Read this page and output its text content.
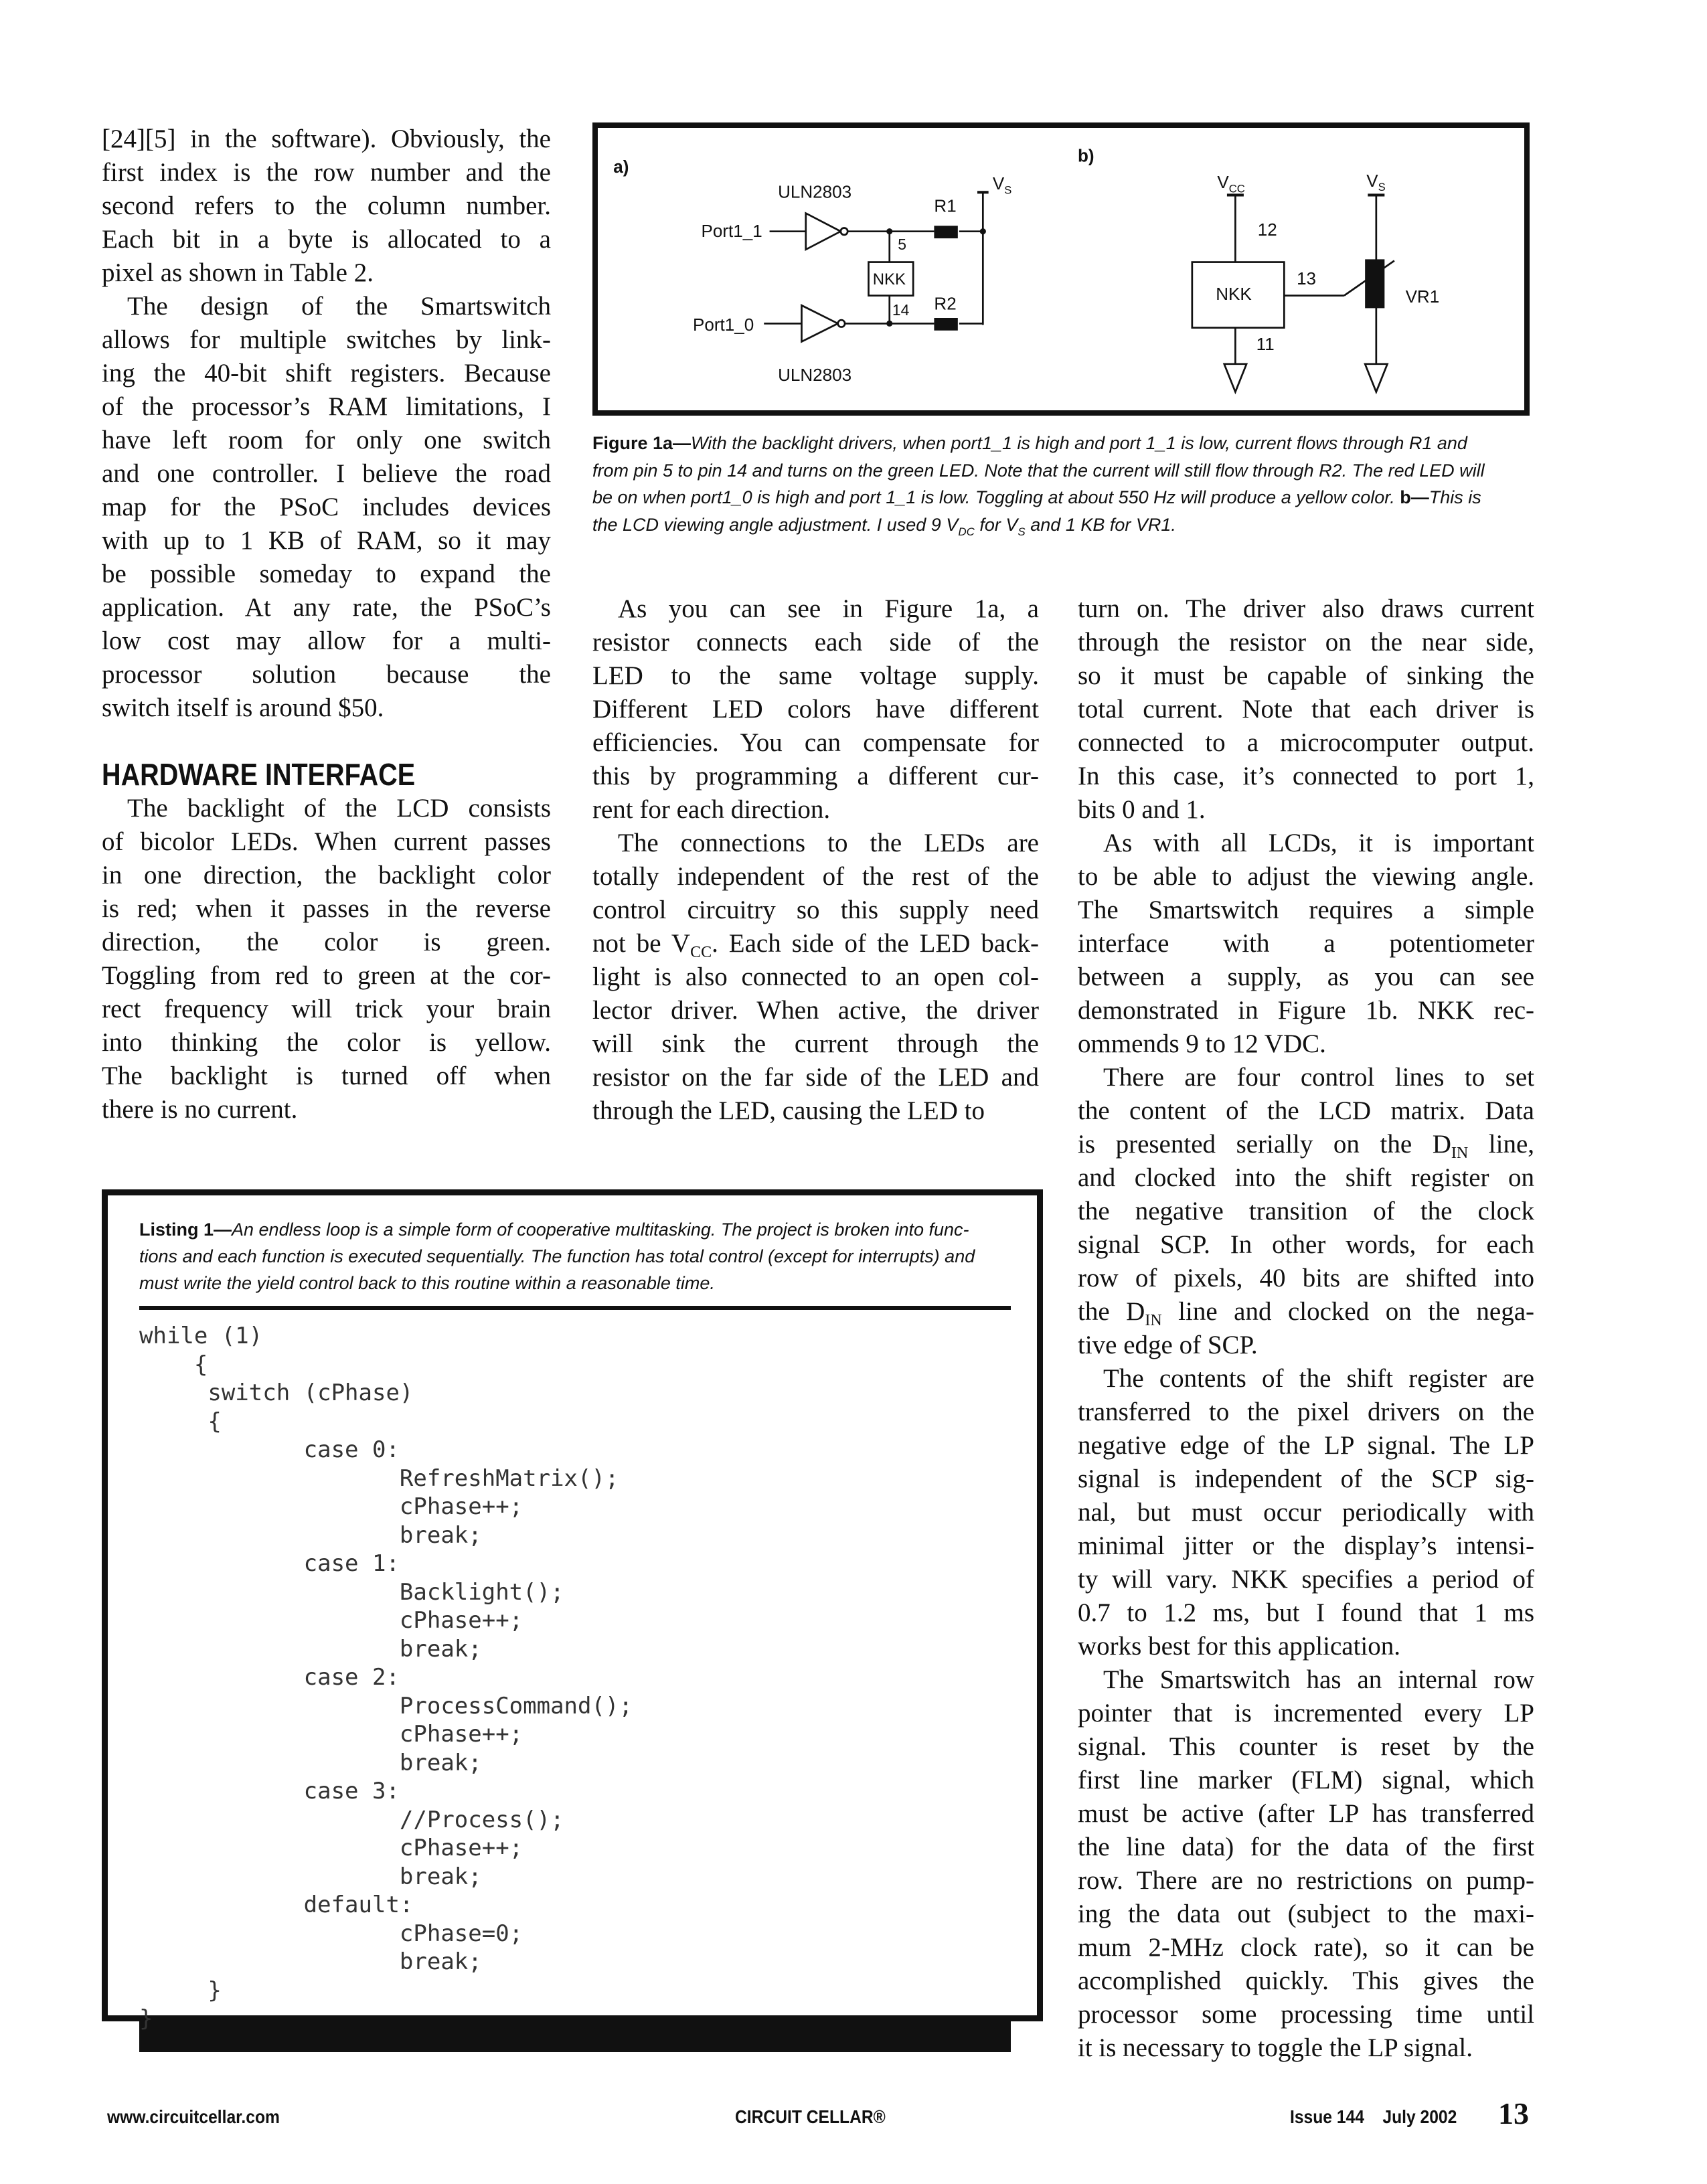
[24][5] in the software). Obviously, the
first index is the row number and the
second refers to the column number.
Each bit in a byte is allocated to a
pixel as shown in Table 2.
The design of the Smartswitch
allows for multiple switches by link-
ing the 40-bit shift registers. Because
of the processor’s RAM limitations, I
have left room for only one switch
and one controller. I believe the road
map for the PSoC includes devices
with up to 1 KB of RAM, so it may
be possible someday to expand the
application. At any rate, the PSoC’s
low cost may allow for a multi-
processor solution because the
switch itself is around $50.
HARDWARE INTERFACE
The backlight of the LCD consists
of bicolor LEDs. When current passes
in one direction, the backlight color
is red; when it passes in the reverse
direction, the color is green.
Toggling from red to green at the cor-
rect frequency will trick your brain
into thinking the color is yellow.
The backlight is turned off when
there is no current.
As you can see in Figure 1a, a
resistor connects each side of the
LED to the same voltage supply.
Different LED colors have different
efficiencies. You can compensate for
this by programming a different cur-
rent for each direction.
The connections to the LEDs are
totally independent of the rest of the
control circuitry so this supply need
not be $V_{CC}$. Each side of the LED back-
light is also connected to an open col-
lector driver. When active, the driver
will sink the current through the
resistor on the far side of the LED and
through the LED, causing the LED to
turn on. The driver also draws current
through the resistor on the near side,
so it must be capable of sinking the
total current. Note that each driver is
connected to a microcomputer output.
In this case, it’s connected to port 1,
bits 0 and 1.
As with all LCDs, it is important
to be able to adjust the viewing angle.
The Smartswitch requires a simple
interface with a potentiometer
between a supply, as you can see
demonstrated in Figure 1b. NKK rec-
ommends 9 to 12 VDC.
There are four control lines to set
the content of the LCD matrix. Data
is presented serially on the $D_{IN}$ line,
and clocked into the shift register on
the negative transition of the clock
signal SCP. In other words, for each
row of pixels, 40 bits are shifted into
the $D_{IN}$ line and clocked on the nega-
tive edge of SCP.
The contents of the shift register are
transferred to the pixel drivers on the
negative edge of the LP signal. The LP
signal is independent of the SCP sig-
nal, but must occur periodically with
minimal jitter or the display’s intensi-
ty will vary. NKK specifies a period of
0.7 to 1.2 ms, but I found that 1 ms
works best for this application.
The Smartswitch has an internal row
pointer that is incremented every LP
signal. This counter is reset by the
first line marker (FLM) signal, which
must be active (after LP has transferred
the line data) for the data of the first
row. There are no restrictions on pump-
ing the data out (subject to the maxi-
mum 2-MHz clock rate), so it can be
accomplished quickly. This gives the
processor some processing time until
it is necessary to toggle the LP signal.
a)
b)
ULN2803
ULN2803
Port1_1
Port1_0
R1
R2
$V_S$
5
NKK
14
$V_{CC}$	$V_S$
12
13
11
NKK	VR1
Figure 1a—With the backlight drivers, when port1_1 is high and port 1_1 is low, current flows through R1 and
from pin 5 to pin 14 and turns on the green LED. Note that the current will still flow through R2. The red LED will
be on when port1_0 is high and port 1_1 is low. Toggling at about 550 Hz will produce a yellow color. b—This is
the LCD viewing angle adjustment. I used 9 $V_{DC}$ for $V_S$ and 1 KB for VR1.
Listing 1—An endless loop is a simple form of cooperative multitasking. The project is broken into func-
tions and each function is executed sequentially. The function has total control (except for interrupts) and
must write the yield control back to this routine within a reasonable time.
while (1)
{
switch (cPhase)
{
case 0:
RefreshMatrix();
cPhase++;
break;
case 1:
Backlight();
cPhase++;
break;
case 2:
ProcessCommand();
cPhase++;
break;
case 3:
//Process();
cPhase++;
break;
default:
cPhase=0;
break;
}
}
www.circuitcellar.com	CIRCUIT CELLAR®	Issue 144 July 2002 13
